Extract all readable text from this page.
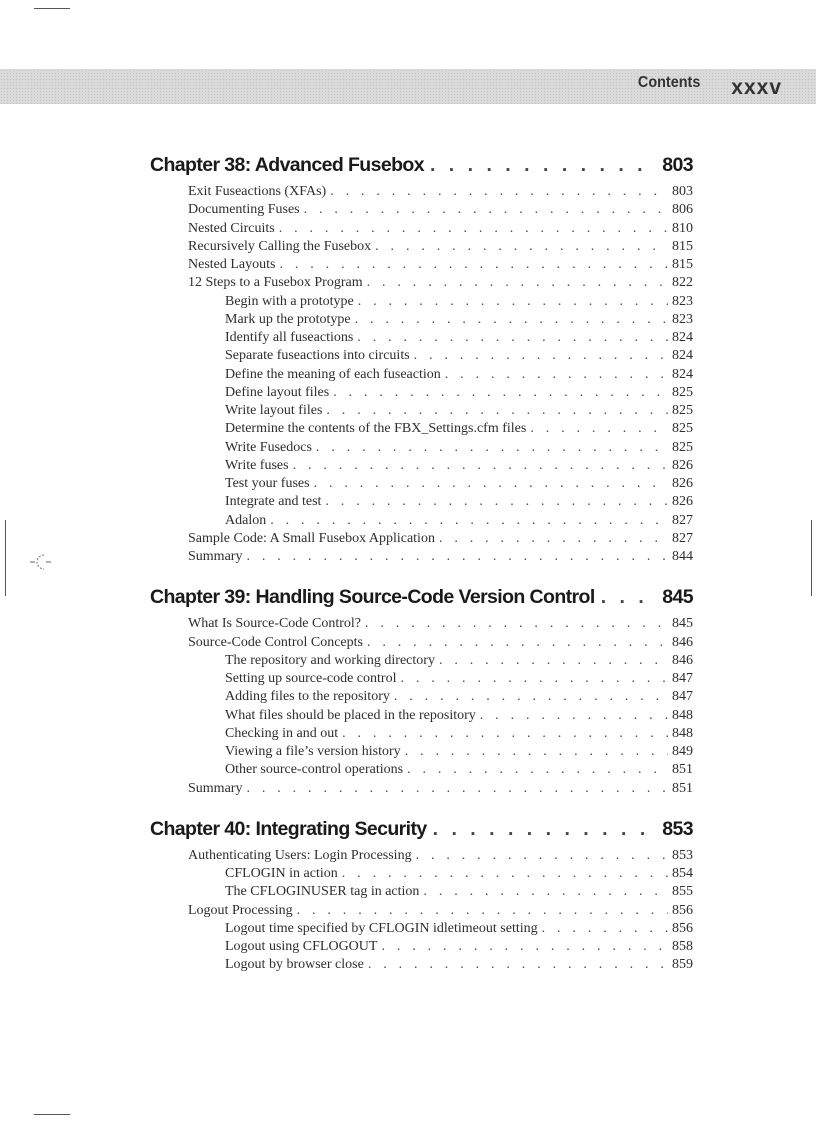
Contents xxxv
Chapter 38: Advanced Fusebox . . .	803
Exit Fuseactions (XFAs) . . .	803
Documenting Fuses . . .	806
Nested Circuits . . .	810
Recursively Calling the Fusebox . . .	815
Nested Layouts . . .	815
12 Steps to a Fusebox Program . . .	822
Begin with a prototype . . .	823
Mark up the prototype . . .	823
Identify all fuseactions . . .	824
Separate fuseactions into circuits . . .	824
Define the meaning of each fuseaction . . .	824
Define layout files . . .	825
Write layout files . . .	825
Determine the contents of the FBX_Settings.cfm files . . .	825
Write Fusedocs . . .	825
Write fuses . . .	826
Test your fuses . . .	826
Integrate and test . . .	826
Adalon . . .	827
Sample Code: A Small Fusebox Application . . .	827
Summary . . .	844
Chapter 39: Handling Source-Code Version Control . . .	845
What Is Source-Code Control? . . .	845
Source-Code Control Concepts . . .	846
The repository and working directory . . .	846
Setting up source-code control . . .	847
Adding files to the repository . . .	847
What files should be placed in the repository . . .	848
Checking in and out . . .	848
Viewing a file’s version history . . .	849
Other source-control operations . . .	851
Summary . . .	851
Chapter 40: Integrating Security . . .	853
Authenticating Users: Login Processing . . .	853
CFLOGIN in action . . .	854
The CFLOGINUSER tag in action . . .	855
Logout Processing . . .	856
Logout time specified by CFLOGIN idletimeout setting . . .	856
Logout using CFLOGOUT . . .	858
Logout by browser close . . .	859
